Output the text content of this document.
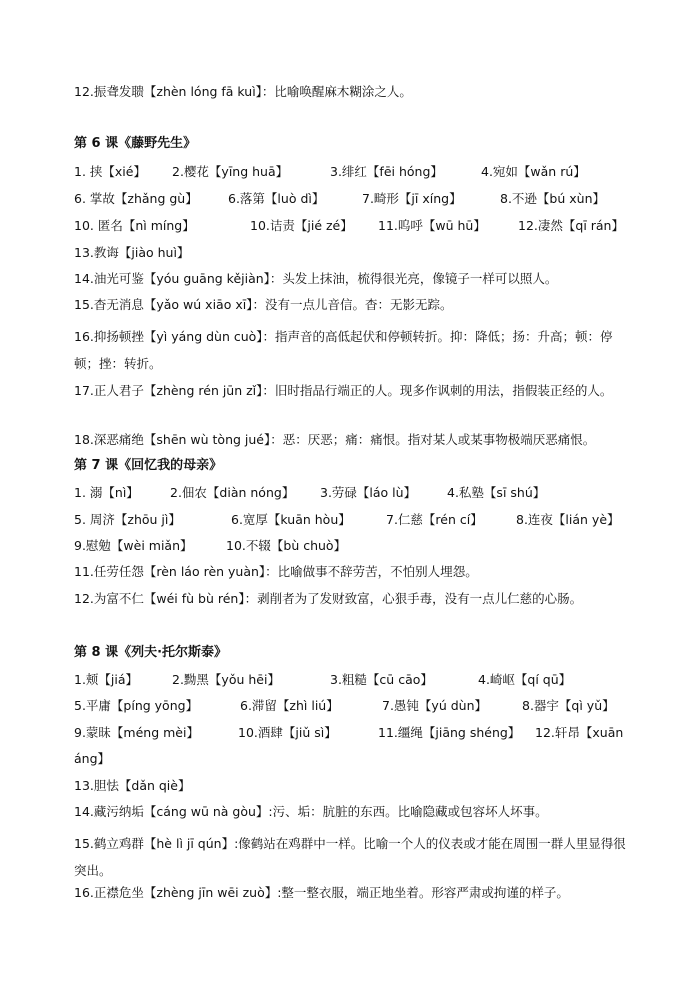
12.振聋发聩【zhèn lóng fā kuì】：比喻唤醒麻木糊涂之人。
第 6 课《藤野先生》
1. 挟【xié】 2.樱花【yīng huā】	3.绯红【fēi hóng】	4.宛如【wǎn rú】
6. 掌故【zhǎng gù】 6.落第【luò dì】	7.畸形【jī xíng】	8.不逊【bú xùn】
10. 匿名【nì míng】	10.诘责【jié zé】 11.呜呼【wū hū】	12.凄然【qī rán】
13.教诲【jiào huì】
14.油光可鉴【yóu guāng kějiàn】：头发上抹油，梳得很光亮，像镜子一样可以照人。
15.杳无消息【yǎo wú xiāo xī】：没有一点儿音信。杳：无影无踪。
16.抑扬顿挫【yì yáng dùn cuò】：指声音的高低起伏和停顿转折。抑：降低；扬：升高；顿：停顿；挫：转折。
17.正人君子【zhèng rén jūn zǐ】：旧时指品行端正的人。现多作讽刺的用法，指假装正经的人。
18.深恶痛绝【shēn wù tòng jué】：恶：厌恶；痛：痛恨。指对某人或某事物极端厌恶痛恨。
第 7 课《回忆我的母亲》
1. 溺【nì】 2.佃农【diàn nóng】 3.劳碌【láo lù】 4.私塾【sī shú】
5. 周济【zhōu jì】	6.宽厚【kuān hòu】	7.仁慈【rén cí】	8.连夜【lián yè】
9.慰勉【wèi miǎn】	10.不辍【bù chuò】
11.任劳任怨【rèn láo rèn yuàn】：比喻做事不辞劳苦，不怕别人埋怨。
12.为富不仁【wéi fù bù rén】：剥削者为了发财致富，心狠手毒，没有一点儿仁慈的心肠。
第 8 课《列夫·托尔斯泰》
1.颊【jiá】	2.黝黑【yǒu hēi】	3.粗糙【cū cāo】	4.崎岖【qí qū】
5.平庸【píng yōng】	6.滞留【zhì liú】	7.愚钝【yú dùn】	8.器宇【qì yǔ】
9.蒙昧【méng mèi】	10.酒肆【jiǔ sì】	11.缰绳【jiāng shéng】 12.轩昂【xuān
áng】
13.胆怯【dǎn qiè】
14.藏污纳垢【cáng wū nà gòu】:污、垢：肮脏的东西。比喻隐藏或包容坏人坏事。
15.鹤立鸡群【hè lì jī qún】:像鹤站在鸡群中一样。比喻一个人的仪表或才能在周围一群人里显得很突出。
16.正襟危坐【zhèng jīn wēi zuò】:整一整衣服，端正地坐着。形容严肃或拘谨的样子。
